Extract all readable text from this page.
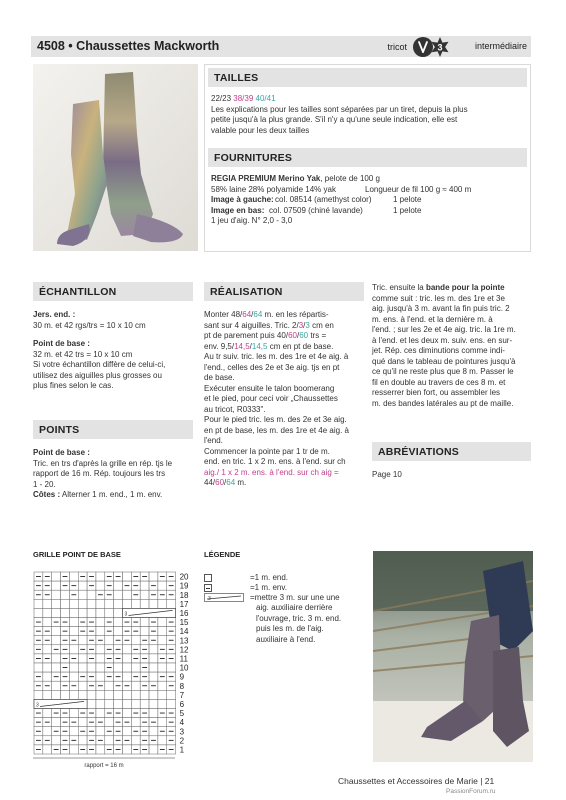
4508 • Chaussettes Mackworth	tricot	3	intermédiaire
TAILLES
22/23 38/39 40/41
Les explications pour les tailles sont séparées par un tiret, depuis la plus
petite jusqu'à la plus grande. S'il n'y a qu'une seule indication, elle est
valable pour les deux tailles
FOURNITURES
REGIA PREMIUM Merino Yak, pelote de 100 g
58% laine 28% polyamide 14% yak	Longueur de fil 100 g ≈ 400 m
Image à gauche: col. 08514 (amethyst color)	1 pelote
Image en bas: col. 07509 (chiné lavande)	1 pelote
1 jeu d'aig. N° 2,0 - 3,0
ÉCHANTILLON
Jers. end. :
30 m. et 42 rgs/trs = 10 x 10 cm
Point de base :
32 m. et 42 trs = 10 x 10 cm
Si votre échantillon diffère de celui-ci,
utilisez des aiguilles plus grosses ou
plus fines selon le cas.
POINTS
Point de base :
Tric. en trs d'après la grille en rép. tjs le
rapport de 16 m. Rép. toujours les trs
1 - 20.
Côtes : Alterner 1 m. end., 1 m. env.
RÉALISATION
Monter 48/64/64 m. en les répartis-
sant sur 4 aiguilles. Tric. 2/3/3 cm en
pt de parement puis 40/60/60 trs =
env. 9,5/14,5/14,5 cm en pt de base.
Au tr suiv. tric. les m. des 1re et 4e aig. à
l'end., celles des 2e et 3e aig. tjs en pt
de base.
Exécuter ensuite le talon boomerang
et le pied, pour ceci voir „Chaussettes
au tricot, R0333".
Pour le pied tric. les m. des 2e et 3e aig.
en pt de base, les m. des 1re et 4e aig. à
l'end.
Commencer la pointe par 1 tr de m.
end. en tric. 1 x 2 m. ens. à l'end. sur ch
aig./ 1 x 2 m. ens. à l'end. sur ch aig =
44/60/64 m.
Tric. ensuite la bande pour la pointe
comme suit : tric. les m. des 1re et 3e
aig. jusqu'à 3 m. avant la fin puis tric. 2
m. ens. à l'end. et la dernière m. à
l'end. ; sur les 2e et 4e aig. tric. la 1re m.
à l'end. et les deux m. suiv. ens. en sur-
jet. Rép. ces diminutions comme indi-
qué dans le tableau de pointures jusqu'à
ce qu'il ne reste plus que 8 m. Passer le
fil en double au travers de ces 8 m. et
resserrer bien fort, ou assembler les
m. des bandes latérales au pt de maille.
ABRÉVIATIONS
Page 10
GRILLE POINT DE BASE
3
3
20
19
18
17
16
15
14
13
12
11
10
9
8
7
6
5
4
3
2
1
rapport = 16 m
LÉGENDE
=1 m. end.
=1 m. env.
3	=mettre 3 m. sur une une
aig. auxiliaire derrière
l'ouvrage, tric. 3 m. end.
puis les m. de l'aig.
auxiliaire à l'end.
Chaussettes et Accessoires de Marie | 21
PassionForum.ru
